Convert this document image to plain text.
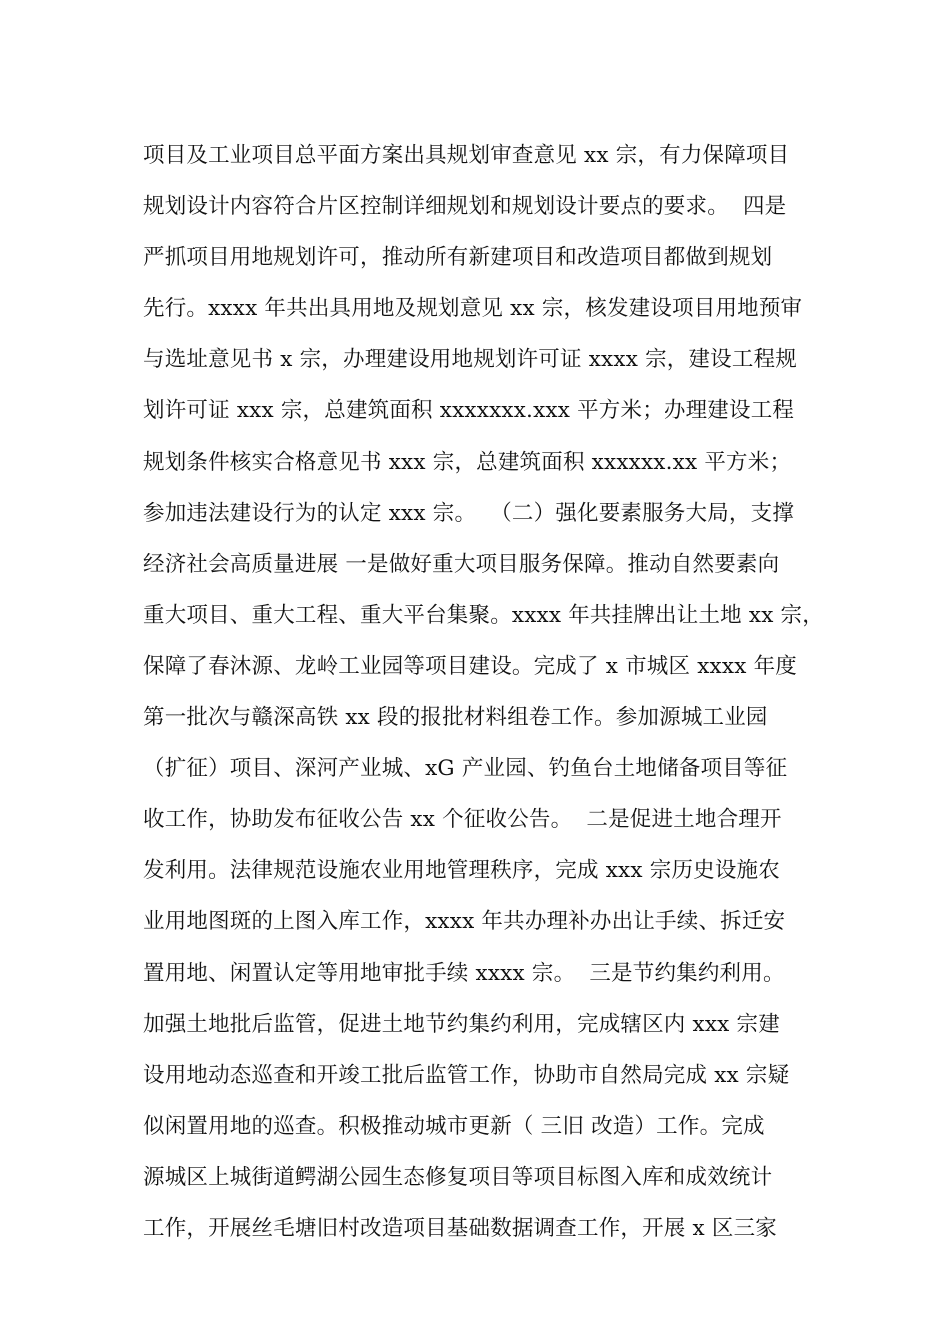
项目及工业项目总平面方案出具规划审查意见 xx 宗，有力保障项目
规划设计内容符合片区控制详细规划和规划设计要点的要求。  四是
严抓项目用地规划许可，推动所有新建项目和改造项目都做到规划
先行。xxxx 年共出具用地及规划意见 xx 宗，核发建设项目用地预审
与选址意见书 x 宗，办理建设用地规划许可证 xxxx 宗，建设工程规
划许可证 xxx 宗，总建筑面积 xxxxxxx.xxx 平方米；办理建设工程
规划条件核实合格意见书 xxx 宗，总建筑面积 xxxxxx.xx 平方米；
参加违法建设行为的认定 xxx 宗。  （二）强化要素服务大局，支撑
经济社会高质量进展 一是做好重大项目服务保障。推动自然要素向
重大项目、重大工程、重大平台集聚。xxxx 年共挂牌出让土地 xx 宗，
保障了春沐源、龙岭工业园等项目建设。完成了 x 市城区 xxxx 年度
第一批次与赣深高铁 xx 段的报批材料组卷工作。参加源城工业园
（扩征）项目、深河产业城、xG 产业园、钓鱼台土地储备项目等征
收工作，协助发布征收公告 xx 个征收公告。  二是促进土地合理开
发利用。法律规范设施农业用地管理秩序，完成 xxx 宗历史设施农
业用地图斑的上图入库工作，xxxx 年共办理补办出让手续、拆迁安
置用地、闲置认定等用地审批手续 xxxx 宗。  三是节约集约利用。
加强土地批后监管，促进土地节约集约利用，完成辖区内 xxx 宗建
设用地动态巡查和开竣工批后监管工作，协助市自然局完成 xx 宗疑
似闲置用地的巡查。积极推动城市更新（ 三旧 改造）工作。完成
源城区上城街道鳄湖公园生态修复项目等项目标图入库和成效统计
工作，开展丝毛塘旧村改造项目基础数据调查工作，开展 x 区三家
